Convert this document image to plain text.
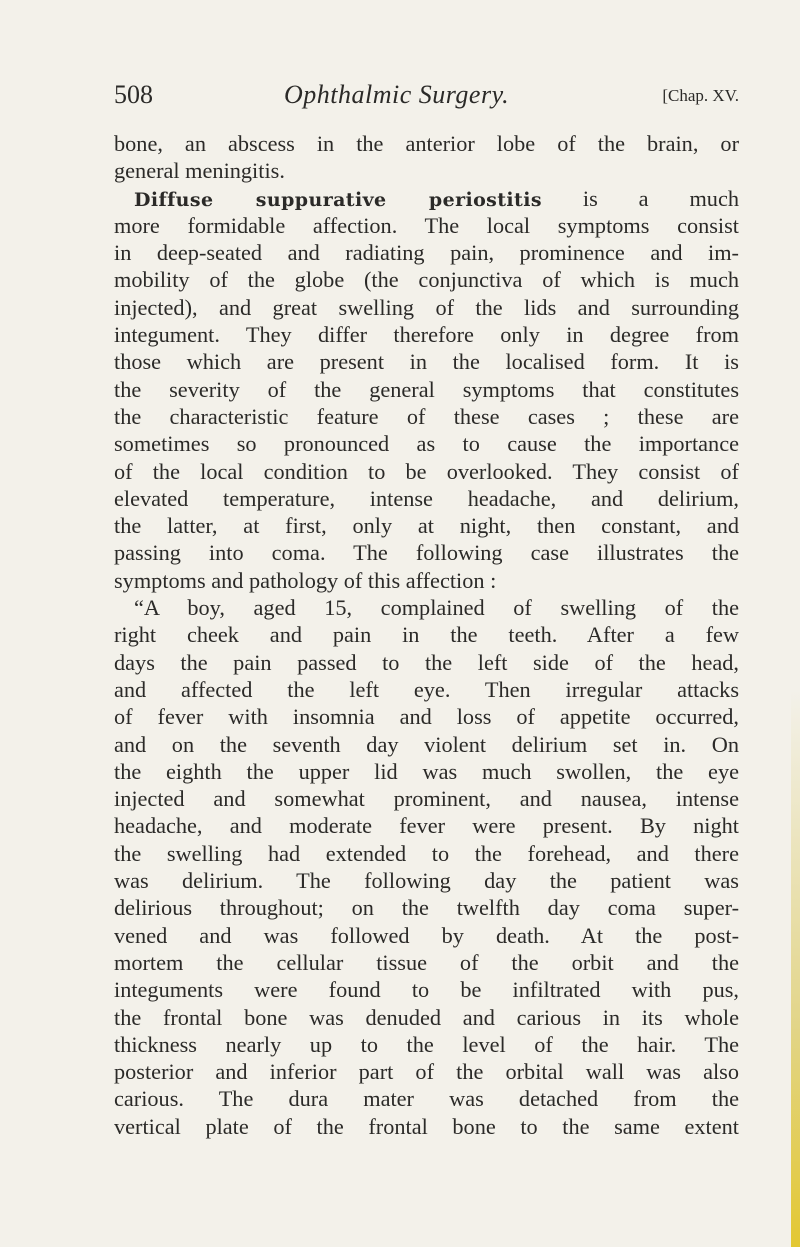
508	Ophthalmic Surgery.	[Chap. XV.
bone, an abscess in the anterior lobe of the brain, or
general meningitis.
Diffuse suppurative periostitis is a much
more formidable affection. The local symptoms consist
in deep-seated and radiating pain, prominence and im-
mobility of the globe (the conjunctiva of which is much
injected), and great swelling of the lids and surrounding
integument. They differ therefore only in degree from
those which are present in the localised form. It is
the severity of the general symptoms that constitutes
the characteristic feature of these cases ; these are
sometimes so pronounced as to cause the importance
of the local condition to be overlooked. They consist of
elevated temperature, intense headache, and delirium,
the latter, at first, only at night, then constant, and
passing into coma. The following case illustrates the
symptoms and pathology of this affection :
“A boy, aged 15, complained of swelling of the
right cheek and pain in the teeth. After a few
days the pain passed to the left side of the head,
and affected the left eye. Then irregular attacks
of fever with insomnia and loss of appetite occurred,
and on the seventh day violent delirium set in. On
the eighth the upper lid was much swollen, the eye
injected and somewhat prominent, and nausea, intense
headache, and moderate fever were present. By night
the swelling had extended to the forehead, and there
was delirium. The following day the patient was
delirious throughout; on the twelfth day coma super-
vened and was followed by death. At the post-
mortem the cellular tissue of the orbit and the
integuments were found to be infiltrated with pus,
the frontal bone was denuded and carious in its whole
thickness nearly up to the level of the hair. The
posterior and inferior part of the orbital wall was also
carious. The dura mater was detached from the
vertical plate of the frontal bone to the same extent
